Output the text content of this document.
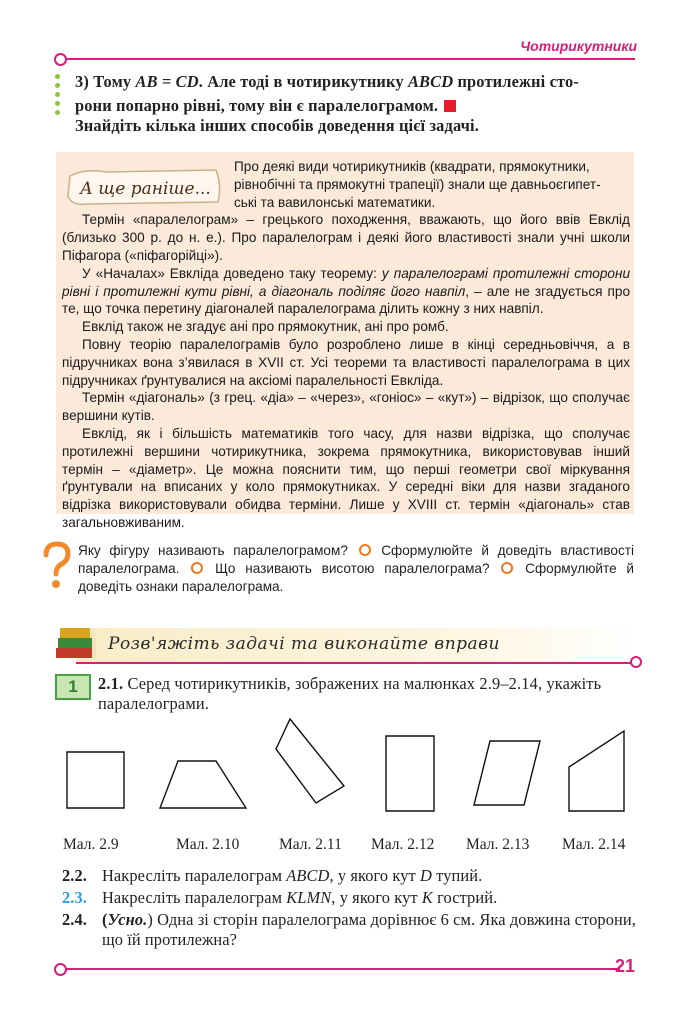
Чотирикутники
3) Тому AB = CD. Але тоді в чотирикутнику ABCD протилежні сто-
рони попарно рівні, тому він є паралелограмом.
Знайдіть кілька інших способів доведення цієї задачі.
А ще раніше...

Про деякі види чотирикутників (квадрати, прямокутники,
рівнобічні та прямокутні трапеції) знали ще давньоєгипет-
ські та вавилонські математики.

Термін «паралелограм» – грецького походження, вважають, що його ввів Евклід (близько 300 р. до н. е.). Про паралелограм і деякі його властивості знали учні школи Піфагора («піфагорійці»).

У «Началах» Евкліда доведено таку теорему: у паралелограмі протилежні сторони рівні і протилежні кути рівні, а діагональ поділяє його навпіл, – але не згадується про те, що точка перетину діагоналей паралелограма ділить кожну з них навпіл.

Евклід також не згадує ані про прямокутник, ані про ромб.

Повну теорію паралелограмів було розроблено лише в кінці середньовіччя, а в підручниках вона з’явилася в XVII ст. Усі теореми та властивості паралелограма в цих підручниках ґрунтувалися на аксіомі паралельності Евкліда.

Термін «діагональ» (з грец. «діа» – «через», «гоніос» – «кут») – відрізок, що сполучає вершини кутів.

Евклід, як і більшість математиків того часу, для назви відрізка, що сполучає протилежні вершини чотирикутника, зокрема прямокутника, використовував інший термін – «діаметр». Це можна пояснити тим, що перші геометри свої міркування ґрунтували на вписаних у коло прямокутниках. У середні віки для назви згаданого відрізка використовували обидва терміни. Лише у XVIII ст. термін «діагональ» став загальновживаним.

Яку фігуру називають паралелограмом? Сформулюйте й доведіть властивості паралелограма.	Що називають висотою паралелограма?	Сформулюйте й доведіть ознаки паралелограма.
Розв'яжіть задачі та виконайте вправи
1	2.1. Серед чотирикутників, зображених на малюнках 2.9–2.14, укажіть паралелограми.
Мал. 2.9	Мал. 2.10	Мал. 2.11 Мал. 2.12 Мал. 2.13 Мал. 2.14
2.2. Накресліть паралелограм ABCD, у якого кут D тупий.
2.3. Накресліть паралелограм KLMN, у якого кут K гострий.
2.4. (Усно.) Одна зі сторін паралелограма дорівнює 6 см. Яка довжина сторони, що їй протилежна?
21
